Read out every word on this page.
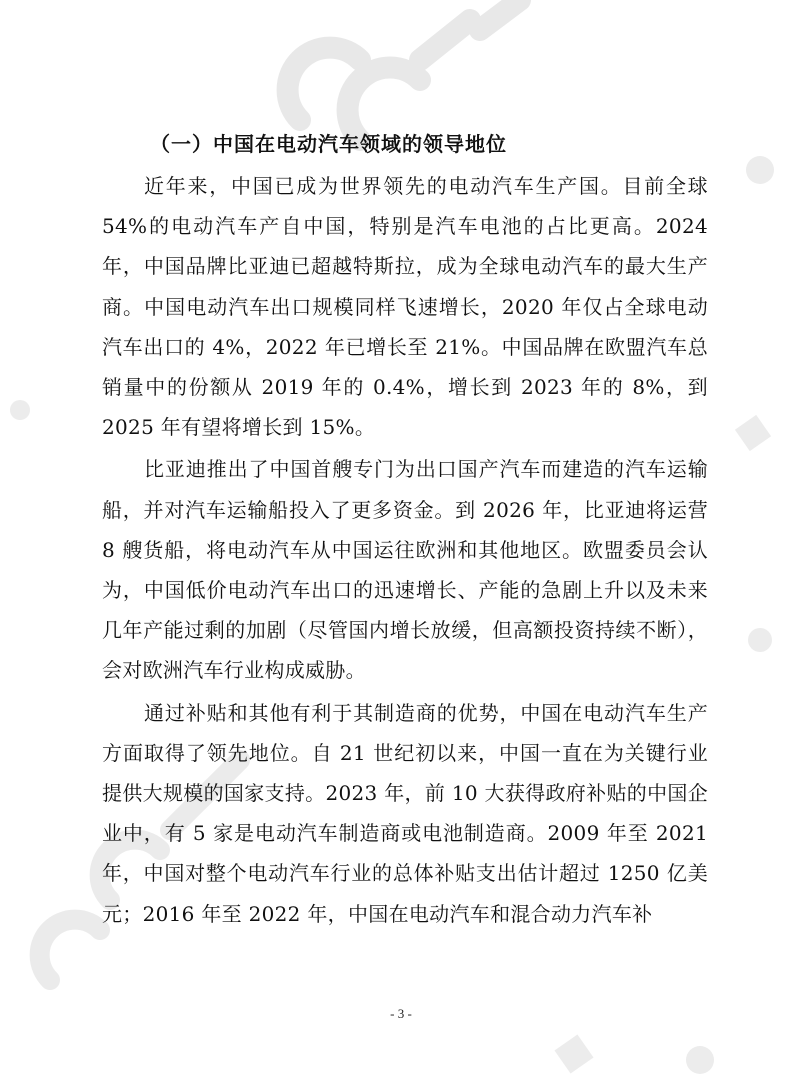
（一）中国在电动汽车领域的领导地位

近年来，中国已成为世界领先的电动汽车生产国。目前全球54%的电动汽车产自中国，特别是汽车电池的占比更高。2024 年，中国品牌比亚迪已超越特斯拉，成为全球电动汽车的最大生产商。中国电动汽车出口规模同样飞速增长，2020 年仅占全球电动汽车出口的 4%，2022 年已增长至 21%。中国品牌在欧盟汽车总销量中的份额从 2019 年的 0.4%，增长到 2023 年的 8%，到 2025 年有望将增长到 15%。

比亚迪推出了中国首艘专门为出口国产汽车而建造的汽车运输船，并对汽车运输船投入了更多资金。到 2026 年，比亚迪将运营 8 艘货船，将电动汽车从中国运往欧洲和其他地区。欧盟委员会认为，中国低价电动汽车出口的迅速增长、产能的急剧上升以及未来几年产能过剩的加剧（尽管国内增长放缓，但高额投资持续不断），会对欧洲汽车行业构成威胁。

通过补贴和其他有利于其制造商的优势，中国在电动汽车生产方面取得了领先地位。自 21 世纪初以来，中国一直在为关键行业提供大规模的国家支持。2023 年，前 10 大获得政府补贴的中国企业中，有 5 家是电动汽车制造商或电池制造商。2009 年至 2021 年，中国对整个电动汽车行业的总体补贴支出估计超过 1250 亿美元；2016 年至 2022 年，中国在电动汽车和混合动力汽车补

- 3 -
